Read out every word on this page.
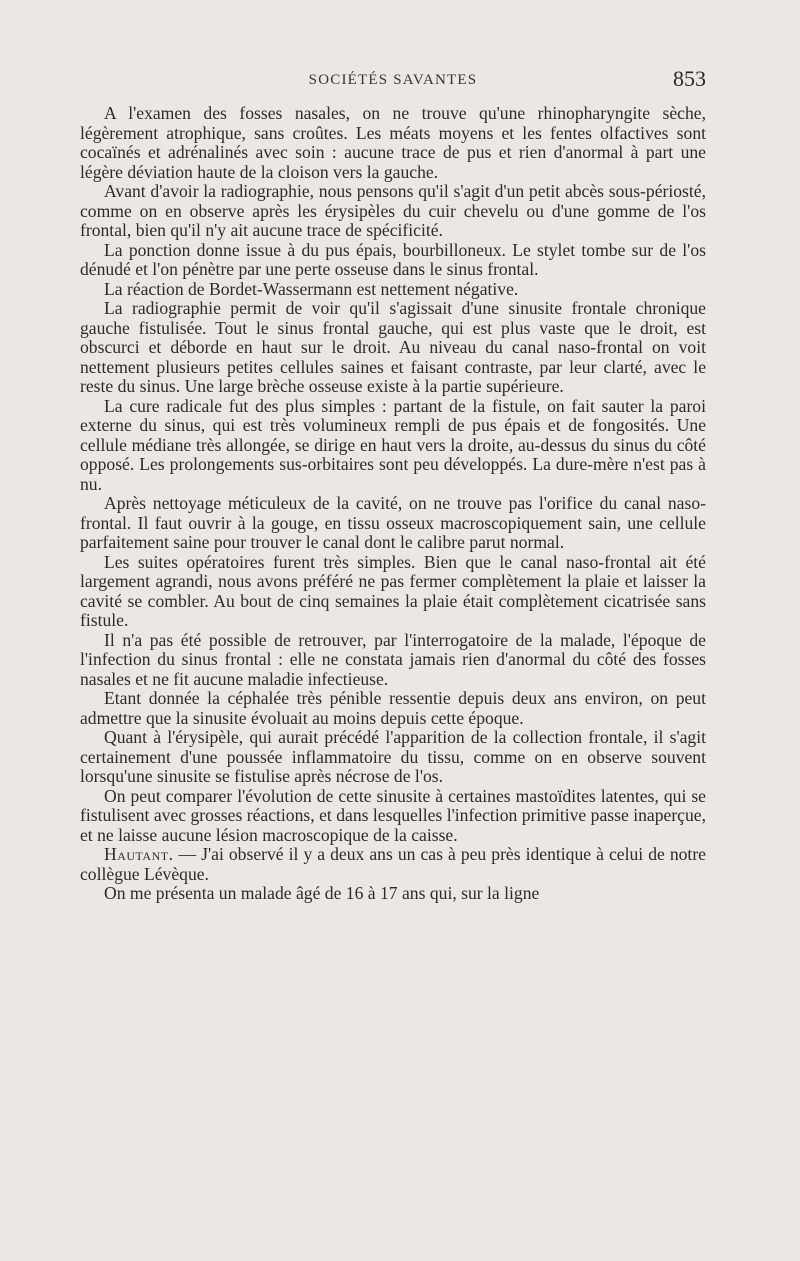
SOCIÉTÉS SAVANTES	853

A l'examen des fosses nasales, on ne trouve qu'une rhinopharyngite sèche, légèrement atrophique, sans croûtes. Les méats moyens et les fentes olfactives sont cocaïnés et adrénalinés avec soin : aucune trace de pus et rien d'anormal à part une légère déviation haute de la cloison vers la gauche.

Avant d'avoir la radiographie, nous pensons qu'il s'agit d'un petit abcès sous-périosté, comme on en observe après les érysipèles du cuir chevelu ou d'une gomme de l'os frontal, bien qu'il n'y ait aucune trace de spécificité.

La ponction donne issue à du pus épais, bourbilloneux. Le stylet tombe sur de l'os dénudé et l'on pénètre par une perte osseuse dans le sinus frontal.

La réaction de Bordet-Wassermann est nettement négative.

La radiographie permit de voir qu'il s'agissait d'une sinusite frontale chronique gauche fistulisée. Tout le sinus frontal gauche, qui est plus vaste que le droit, est obscurci et déborde en haut sur le droit. Au niveau du canal naso-frontal on voit nettement plusieurs petites cellules saines et faisant contraste, par leur clarté, avec le reste du sinus. Une large brèche osseuse existe à la partie supérieure.

La cure radicale fut des plus simples : partant de la fistule, on fait sauter la paroi externe du sinus, qui est très volumineux rempli de pus épais et de fongosités. Une cellule médiane très allongée, se dirige en haut vers la droite, au-dessus du sinus du côté opposé. Les prolongements sus-orbitaires sont peu développés. La dure-mère n'est pas à nu.

Après nettoyage méticuleux de la cavité, on ne trouve pas l'orifice du canal naso-frontal. Il faut ouvrir à la gouge, en tissu osseux macroscopiquement sain, une cellule parfaitement saine pour trouver le canal dont le calibre parut normal.

Les suites opératoires furent très simples. Bien que le canal naso-frontal ait été largement agrandi, nous avons préféré ne pas fermer complètement la plaie et laisser la cavité se combler. Au bout de cinq semaines la plaie était complètement cicatrisée sans fistule.

Il n'a pas été possible de retrouver, par l'interrogatoire de la malade, l'époque de l'infection du sinus frontal : elle ne constata jamais rien d'anormal du côté des fosses nasales et ne fit aucune maladie infectieuse.

Etant donnée la céphalée très pénible ressentie depuis deux ans environ, on peut admettre que la sinusite évoluait au moins depuis cette époque.

Quant à l'érysipèle, qui aurait précédé l'apparition de la collection frontale, il s'agit certainement d'une poussée inflammatoire du tissu, comme on en observe souvent lorsqu'une sinusite se fistulise après nécrose de l'os.

On peut comparer l'évolution de cette sinusite à certaines mastoïdites latentes, qui se fistulisent avec grosses réactions, et dans lesquelles l'infection primitive passe inaperçue, et ne laisse aucune lésion macroscopique de la caisse.

Hautant. — J'ai observé il y a deux ans un cas à peu près identique à celui de notre collègue Lévèque.

On me présenta un malade âgé de 16 à 17 ans qui, sur la ligne
